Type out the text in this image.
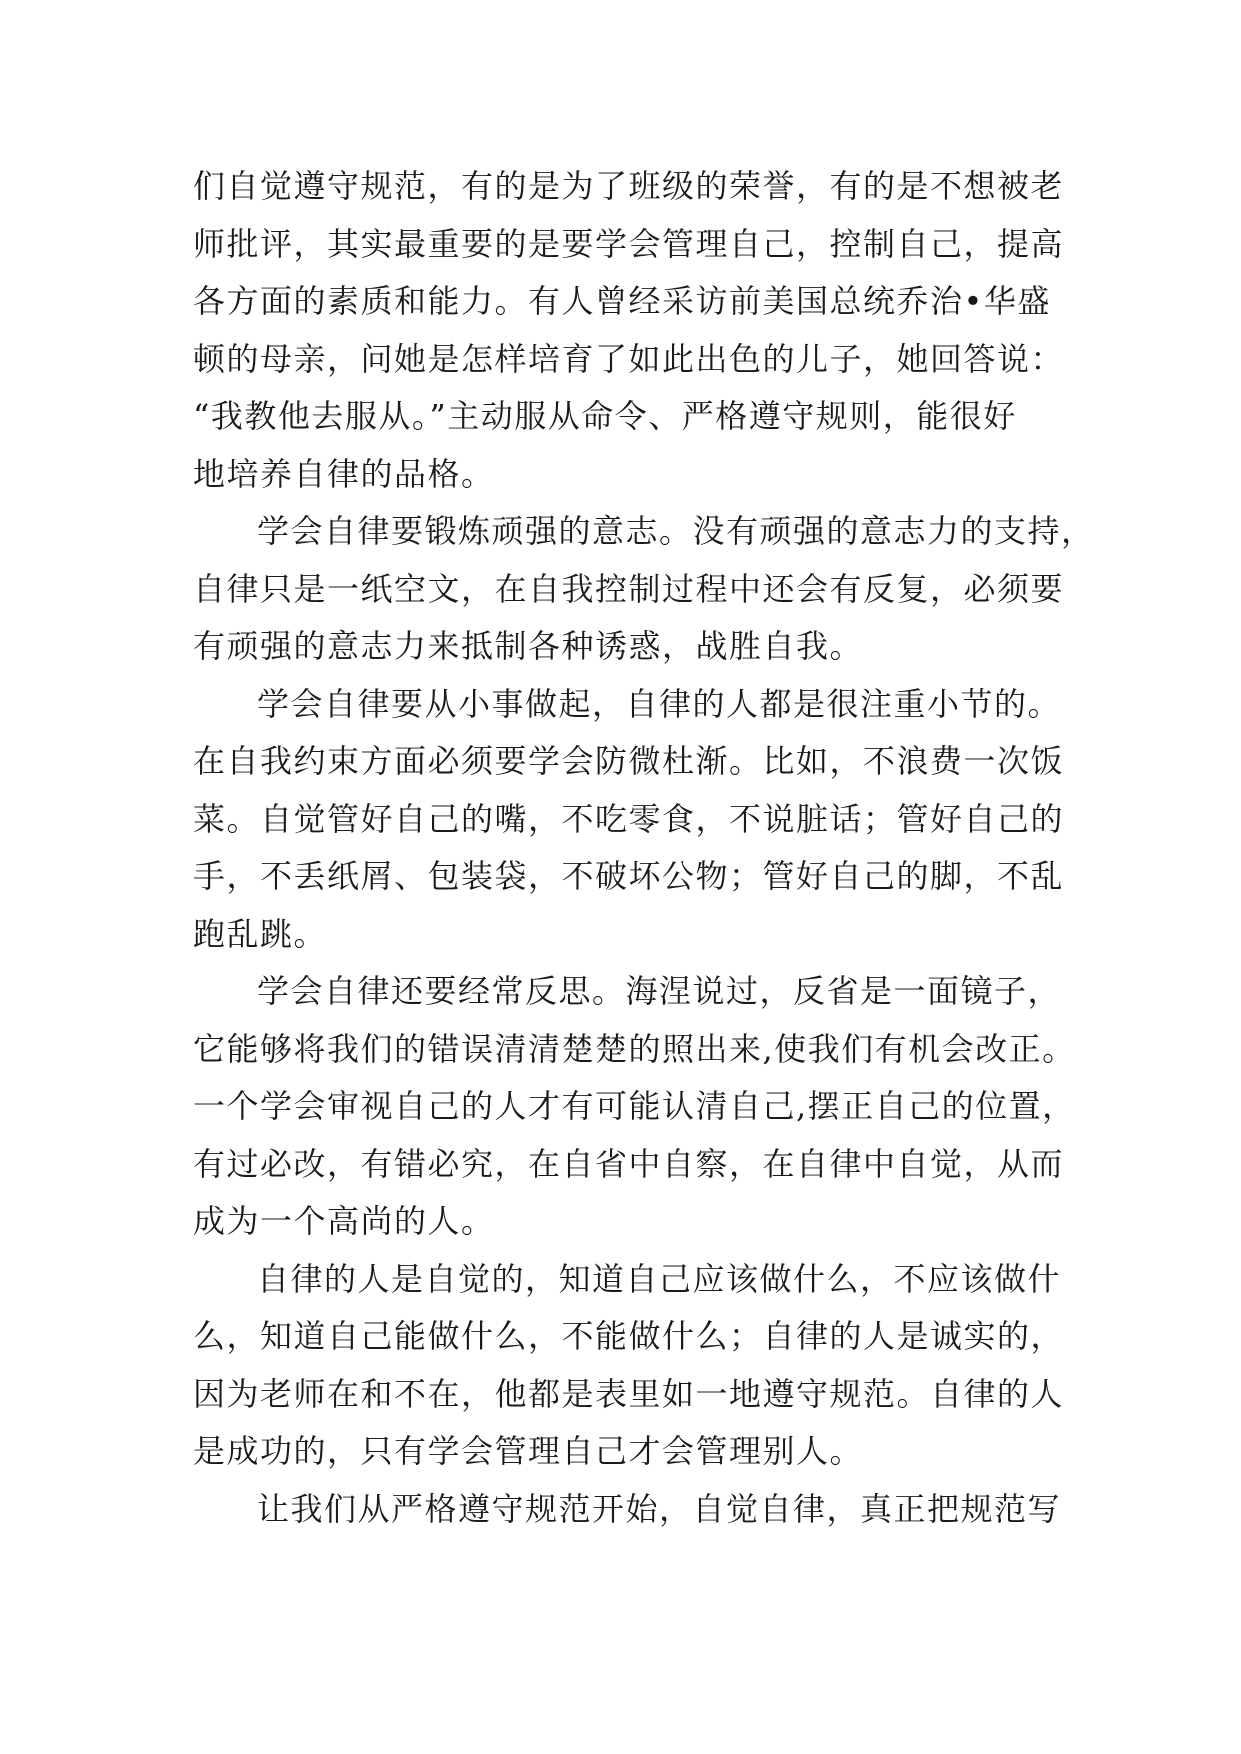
们自觉遵守规范，有的是为了班级的荣誉，有的是不想被老
师批评，其实最重要的是要学会管理自己，控制自己，提高
各方面的素质和能力。有人曾经采访前美国总统乔治•华盛
顿的母亲，问她是怎样培育了如此出色的儿子，她回答说：
“我教他去服从。”主动服从命令、严格遵守规则，能很好
地培养自律的品格。
学会自律要锻炼顽强的意志。没有顽强的意志力的支持，
自律只是一纸空文，在自我控制过程中还会有反复，必须要
有顽强的意志力来抵制各种诱惑，战胜自我。
学会自律要从小事做起，自律的人都是很注重小节的。
在自我约束方面必须要学会防微杜渐。比如，不浪费一次饭
菜。自觉管好自己的嘴，不吃零食，不说脏话；管好自己的
手，不丢纸屑、包装袋，不破坏公物；管好自己的脚，不乱
跑乱跳。
学会自律还要经常反思。海涅说过，反省是一面镜子，
它能够将我们的错误清清楚楚的照出来,使我们有机会改正。
一个学会审视自己的人才有可能认清自己,摆正自己的位置，
有过必改，有错必究，在自省中自察，在自律中自觉，从而
成为一个高尚的人。
自律的人是自觉的，知道自己应该做什么，不应该做什
么，知道自己能做什么，不能做什么；自律的人是诚实的，
因为老师在和不在，他都是表里如一地遵守规范。自律的人
是成功的，只有学会管理自己才会管理别人。
让我们从严格遵守规范开始，自觉自律，真正把规范写
